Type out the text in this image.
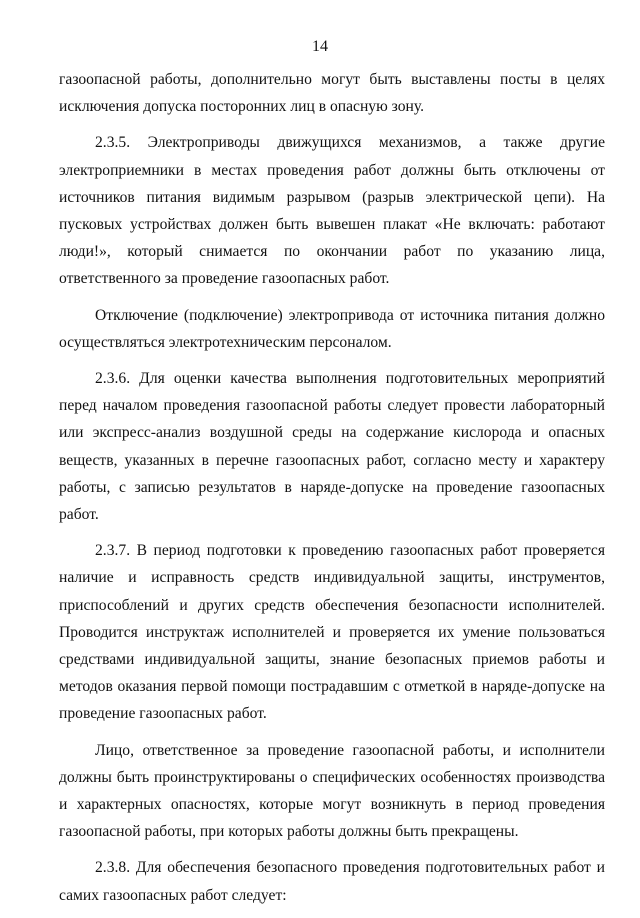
14

газоопасной работы, дополнительно могут быть выставлены посты в целях исключения допуска посторонних лиц в опасную зону.

2.3.5. Электроприводы движущихся механизмов, а также другие электроприемники в местах проведения работ должны быть отключены от источников питания видимым разрывом (разрыв электрической цепи). На пусковых устройствах должен быть вывешен плакат «Не включать: работают люди!», который снимается по окончании работ по указанию лица, ответственного за проведение газоопасных работ.

Отключение (подключение) электропривода от источника питания должно осуществляться электротехническим персоналом.

2.3.6. Для оценки качества выполнения подготовительных мероприятий перед началом проведения газоопасной работы следует провести лабораторный или экспресс-анализ воздушной среды на содержание кислорода и опасных веществ, указанных в перечне газоопасных работ, согласно месту и характеру работы, с записью результатов в наряде-допуске на проведение газоопасных работ.

2.3.7. В период подготовки к проведению газоопасных работ проверяется наличие и исправность средств индивидуальной защиты, инструментов, приспособлений и других средств обеспечения безопасности исполнителей. Проводится инструктаж исполнителей и проверяется их умение пользоваться средствами индивидуальной защиты, знание безопасных приемов работы и методов оказания первой помощи пострадавшим с отметкой в наряде-допуске на проведение газоопасных работ.

Лицо, ответственное за проведение газоопасной работы, и исполнители должны быть проинструктированы о специфических особенностях производства и характерных опасностях, которые могут возникнуть в период проведения газоопасной работы, при которых работы должны быть прекращены.

2.3.8. Для обеспечения безопасного проведения подготовительных работ и самих газоопасных работ следует:
